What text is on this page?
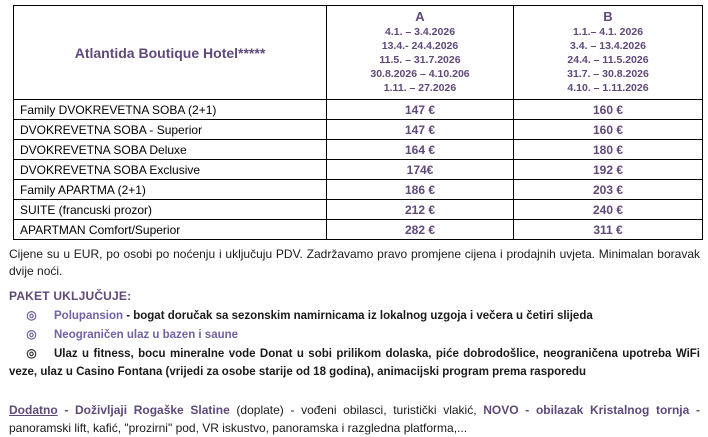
Atlantida Boutique Hotel*****	
A
4.1. – 3.4.2026
13.4.- 24.4.2026
11.5. – 31.7.2026
30.8.2026 – 4.10.206
1.11. – 27.2026

B
1.1.– 4.1. 2026
3.4. – 13.4.2026
24.4. – 11.5.2026
31.7. – 30.8.2026
4.10. – 1.11.2026

Family DVOKREVETNA SOBA (2+1)	147 €	160 €
DVOKREVETNA SOBA - Superior	147 €	160 €
DVOKREVETNA SOBA Deluxe	164 €	180 €
DVOKREVETNA SOBA Exclusive	174€	192 €
Family APARTMA (2+1)	186 €	203 €
SUITE (francuski prozor)	212 €	240 €
APARTMAN Comfort/Superior	282 €	311 €

Cijene su u EUR, po osobi po noćenju i uključuju PDV. Zadržavamo pravo promjene cijena i prodajnih uvjeta. Minimalan boravak dvije noći.

PAKET UKLJUČUJE:

◎ Polupansion - bogat doručak sa sezonskim namirnicama iz lokalnog uzgoja i večera u četiri slijeda

◎ Neograničen ulaz u bazen i saune

◎ Ulaz u fitness, bocu mineralne vode Donat u sobi prilikom dolaska, piće dobrodošlice, neograničena upotreba WiFi veze, ulaz u Casino Fontana (vrijedi za osobe starije od 18 godina), animacijski program prema rasporedu

Dodatno - Doživljaji Rogaške Slatine (doplate) - vođeni obilasci, turistički vlakić, NOVO - obilazak Kristalnog tornja - panoramski lift, kafić, "prozirni" pod, VR iskustvo, panoramska i razgledna platforma,...
